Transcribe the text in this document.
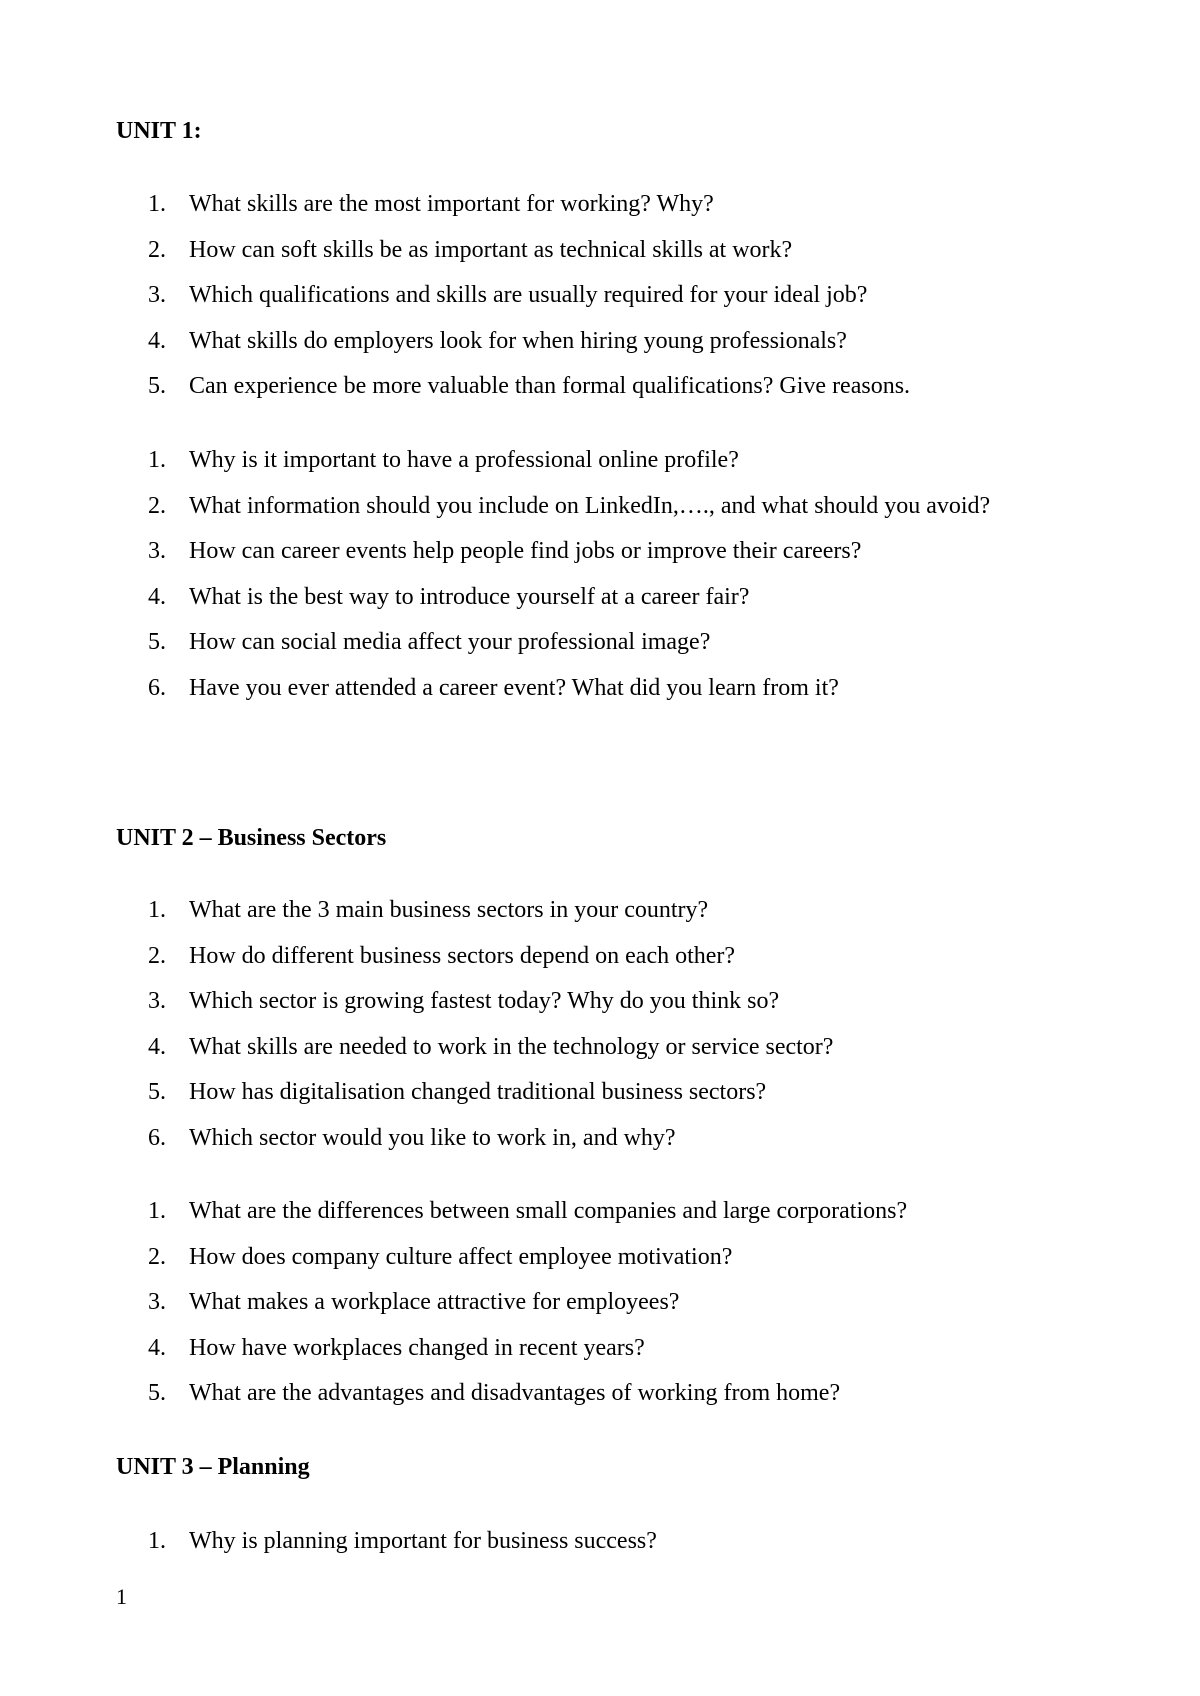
UNIT 1:
1. What skills are the most important for working? Why?
2. How can soft skills be as important as technical skills at work?
3. Which qualifications and skills are usually required for your ideal job?
4. What skills do employers look for when hiring young professionals?
5. Can experience be more valuable than formal qualifications? Give reasons.
1. Why is it important to have a professional online profile?
2. What information should you include on LinkedIn,…., and what should you avoid?
3. How can career events help people find jobs or improve their careers?
4. What is the best way to introduce yourself at a career fair?
5. How can social media affect your professional image?
6. Have you ever attended a career event? What did you learn from it?
UNIT 2 – Business Sectors
1. What are the 3 main business sectors in your country?
2. How do different business sectors depend on each other?
3. Which sector is growing fastest today? Why do you think so?
4. What skills are needed to work in the technology or service sector?
5. How has digitalisation changed traditional business sectors?
6. Which sector would you like to work in, and why?
1. What are the differences between small companies and large corporations?
2. How does company culture affect employee motivation?
3. What makes a workplace attractive for employees?
4. How have workplaces changed in recent years?
5. What are the advantages and disadvantages of working from home?
UNIT 3 – Planning
1. Why is planning important for business success?
1
